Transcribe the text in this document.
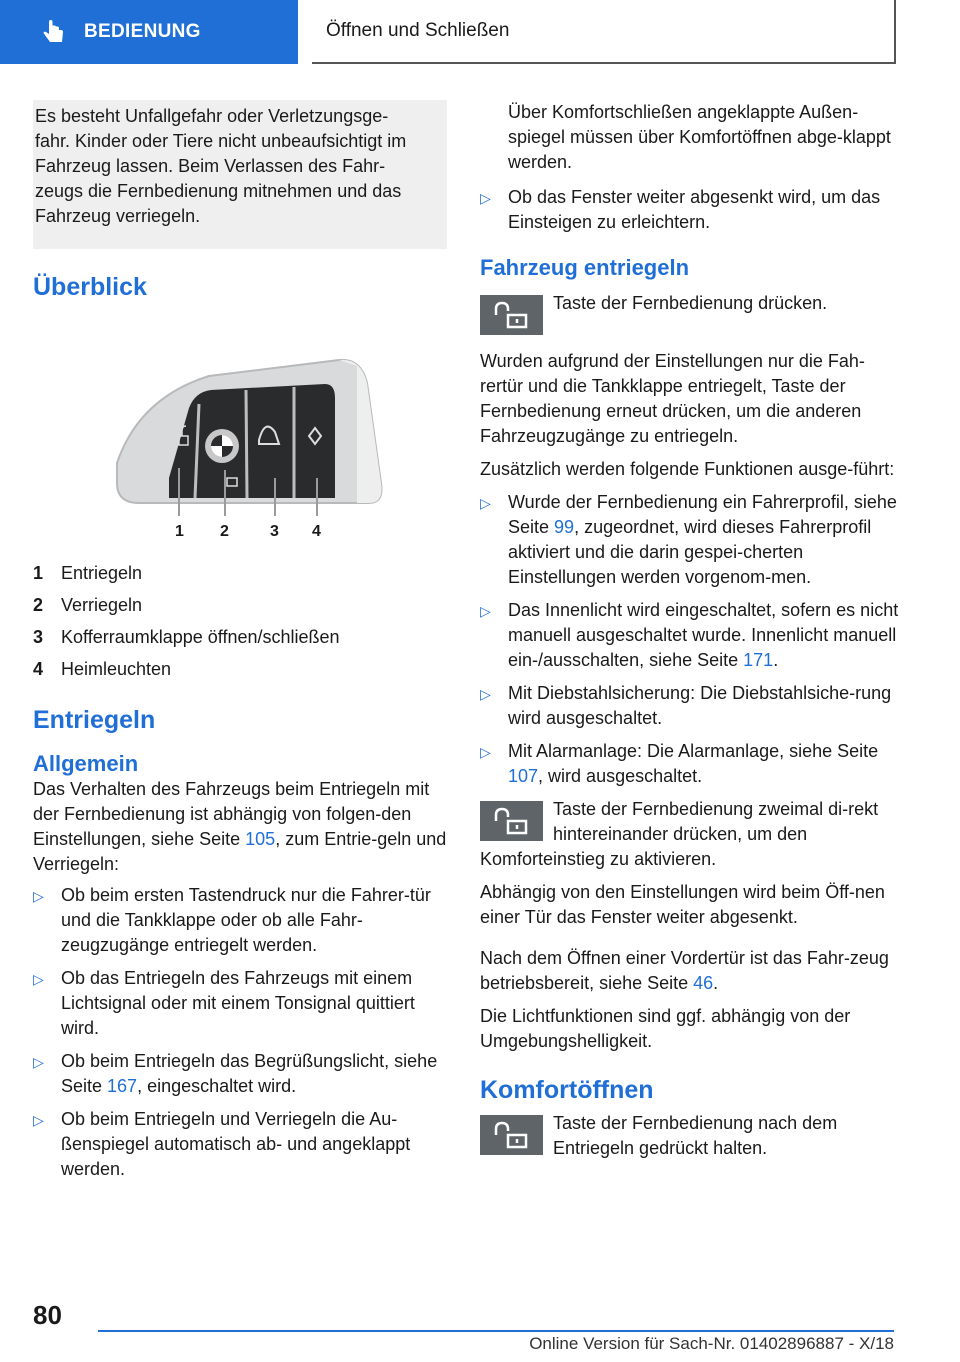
BEDIENUNG	Öffnen und Schließen

Es besteht Unfallgefahr oder Verletzungsge-

fahr. Kinder oder Tiere nicht unbeaufsichtigt im

Fahrzeug lassen. Beim Verlassen des Fahr-

zeugs die Fernbedienung mitnehmen und das

Fahrzeug verriegeln.

Überblick
1 2	3 4
1 Entriegeln
2 Verriegeln
3 Kofferraumklappe öffnen/schließen
4 Heimleuchten
Entriegeln
Allgemein

Das Verhalten des Fahrzeugs beim Entriegeln mit der Fernbedienung ist abhängig von folgen-den Einstellungen, siehe Seite 105, zum Entrie-geln und Verriegeln:

▷ Ob beim ersten Tastendruck nur die Fahrer-tür und die Tankklappe oder ob alle Fahr-zeugzugänge entriegelt werden.
▷ Ob das Entriegeln des Fahrzeugs mit einem Lichtsignal oder mit einem Tonsignal quittiert wird.
▷ Ob beim Entriegeln das Begrüßungslicht, siehe Seite 167, eingeschaltet wird.
▷ Ob beim Entriegeln und Verriegeln die Au-ßenspiegel automatisch ab- und angeklappt werden.

Über Komfortschließen angeklappte Außen-spiegel müssen über Komfortöffnen abge-klappt werden.

▷ Ob das Fenster weiter abgesenkt wird, um das Einsteigen zu erleichtern.
Fahrzeug entriegeln

Taste der Fernbedienung drücken.

Wurden aufgrund der Einstellungen nur die Fah-rertür und die Tankklappe entriegelt, Taste der Fernbedienung erneut drücken, um die anderen Fahrzeugzugänge zu entriegeln.

Zusätzlich werden folgende Funktionen ausge-führt:

▷ Wurde der Fernbedienung ein Fahrerprofil, siehe Seite 99, zugeordnet, wird dieses Fahrerprofil aktiviert und die darin gespei-cherten Einstellungen werden vorgenom-men.
▷ Das Innenlicht wird eingeschaltet, sofern es nicht manuell ausgeschaltet wurde. Innenlicht manuell ein-/ausschalten, siehe Seite 171.
▷ Mit Diebstahlsicherung: Die Diebstahlsiche-rung wird ausgeschaltet.
▷ Mit Alarmanlage: Die Alarmanlage, siehe Seite 107, wird ausgeschaltet.

Taste der Fernbedienung zweimal di-rekt hintereinander drücken, um den Komforteinstieg zu aktivieren.

Abhängig von den Einstellungen wird beim Öff-nen einer Tür das Fenster weiter abgesenkt.

Nach dem Öffnen einer Vordertür ist das Fahr-zeug betriebsbereit, siehe Seite 46.

Die Lichtfunktionen sind ggf. abhängig von der Umgebungshelligkeit.

Komfortöffnen

Taste der Fernbedienung nach dem Entriegeln gedrückt halten.

80
Online Version für Sach-Nr. 01402896887 - X/18
